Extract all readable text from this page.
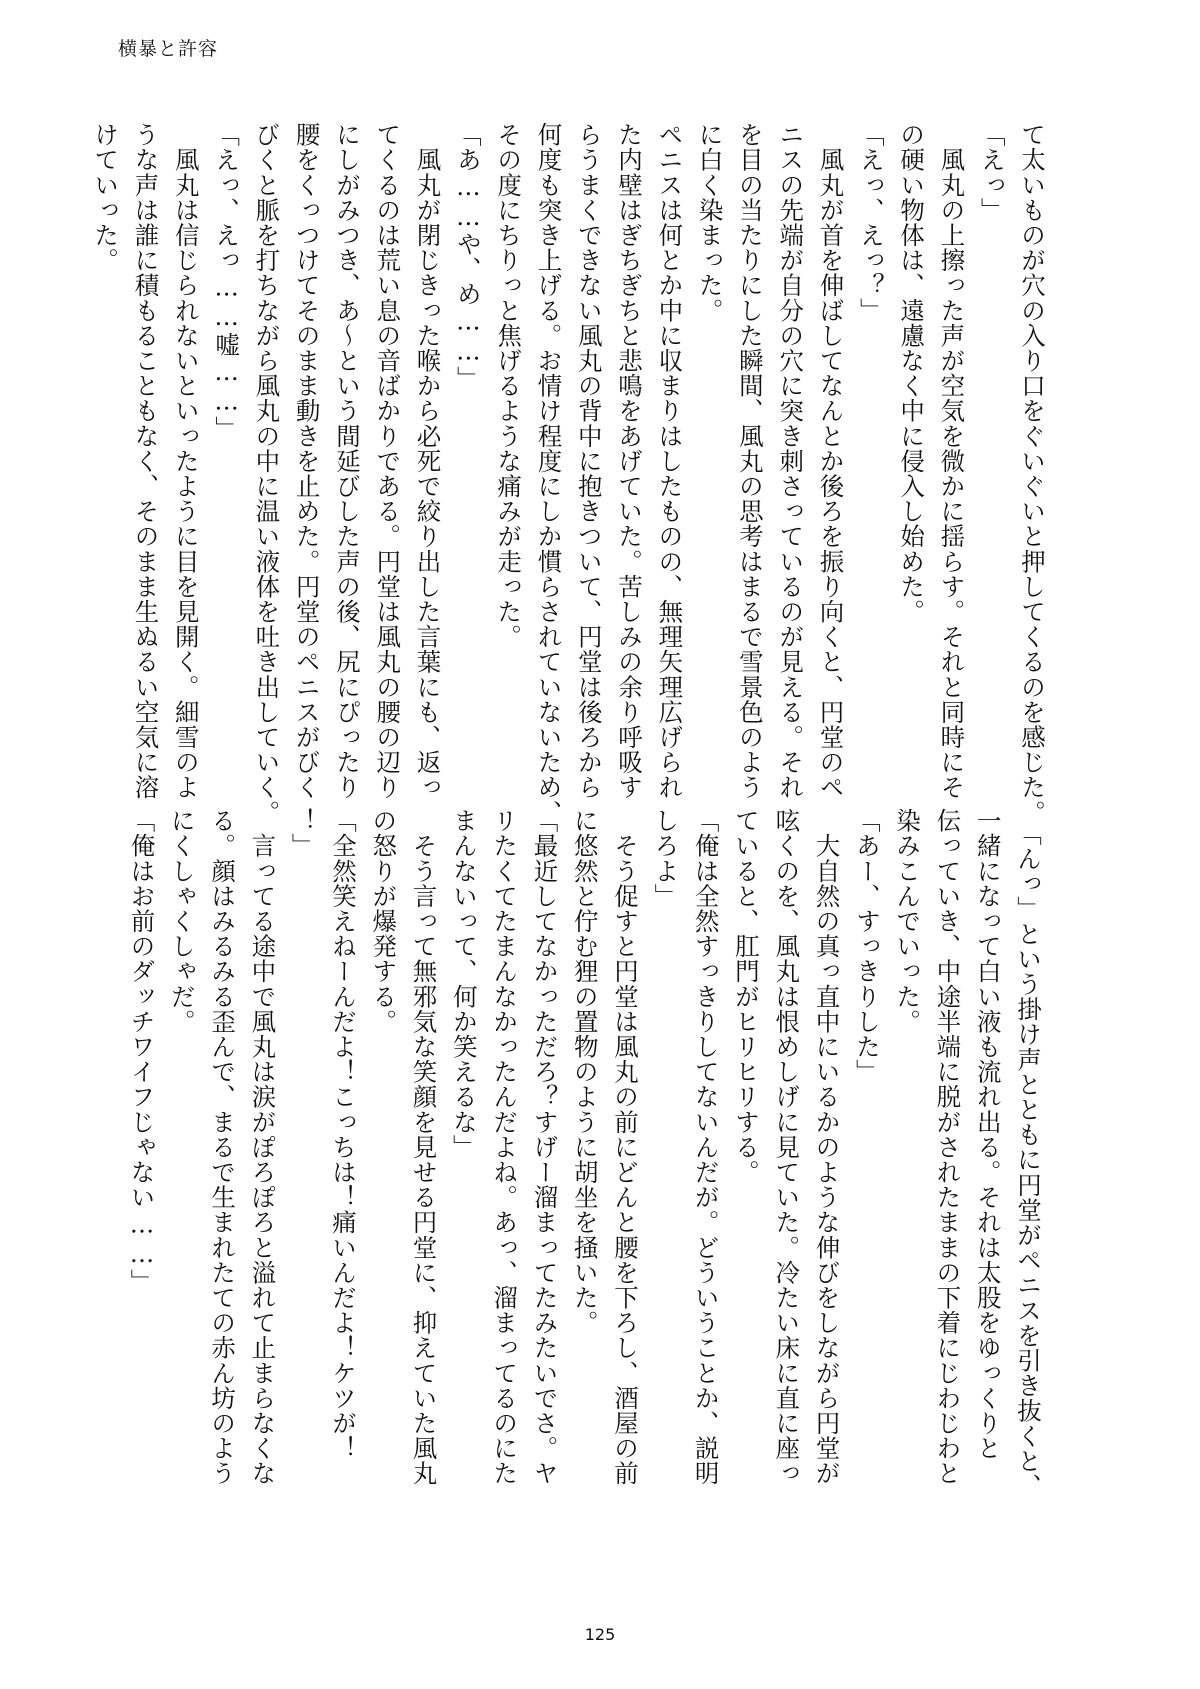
横暴と許容
て太いものが穴の入り口をぐいぐいと押してくるのを感じた。
「えっ」
　風丸の上擦った声が空気を微かに揺らす。それと同時にそ
の硬い物体は、遠慮なく中に侵入し始めた。
「えっ、えっ？」
　風丸が首を伸ばしてなんとか後ろを振り向くと、円堂のペ
ニスの先端が自分の穴に突き刺さっているのが見える。それ
を目の当たりにした瞬間、風丸の思考はまるで雪景色のよう
に白く染まった。
ペニスは何とか中に収まりはしたものの、無理矢理広げられ
た内壁はぎちぎちと悲鳴をあげていた。苦しみの余り呼吸す
らうまくできない風丸の背中に抱きついて、円堂は後ろから
何度も突き上げる。お情け程度にしか慣らされていないため、
その度にちりっと焦げるような痛みが走った。
「あ……や、め……」
　風丸が閉じきった喉から必死で絞り出した言葉にも、返っ
てくるのは荒い息の音ばかりである。円堂は風丸の腰の辺り
にしがみつき、あ～という間延びした声の後、尻にぴったり
腰をくっつけてそのまま動きを止めた。円堂のペニスがびく
びくと脈を打ちながら風丸の中に温い液体を吐き出していく。
「えっ、えっ……嘘……」
　風丸は信じられないといったように目を見開く。細雪のよ
うな声は誰に積もることもなく、そのまま生ぬるい空気に溶
けていった。
　「んっ」という掛け声とともに円堂がペニスを引き抜くと、
一緒になって白い液も流れ出る。それは太股をゆっくりと
伝っていき、中途半端に脱がされたままの下着にじわじわと
染みこんでいった。
「あー、すっきりした」
　大自然の真っ直中にいるかのような伸びをしながら円堂が
呟くのを、風丸は恨めしげに見ていた。冷たい床に直に座っ
ていると、肛門がヒリヒリする。
「俺は全然すっきりしてないんだが。どういうことか、説明
しろよ」
　そう促すと円堂は風丸の前にどんと腰を下ろし、酒屋の前
に悠然と佇む狸の置物のように胡坐を掻いた。
「最近してなかっただろ？すげー溜まってたみたいでさ。ヤ
リたくてたまんなかったんだよね。あっ、溜まってるのにた
まんないって、何か笑えるな」
　そう言って無邪気な笑顔を見せる円堂に、抑えていた風丸
の怒りが爆発する。
「全然笑えねーんだよ！こっちは！痛いんだよ！ケツが！
！」
　言ってる途中で風丸は涙がぽろぽろと溢れて止まらなくな
る。顔はみるみる歪んで、まるで生まれたての赤ん坊のよう
にくしゃくしゃだ。
「俺はお前のダッチワイフじゃない……」
125
